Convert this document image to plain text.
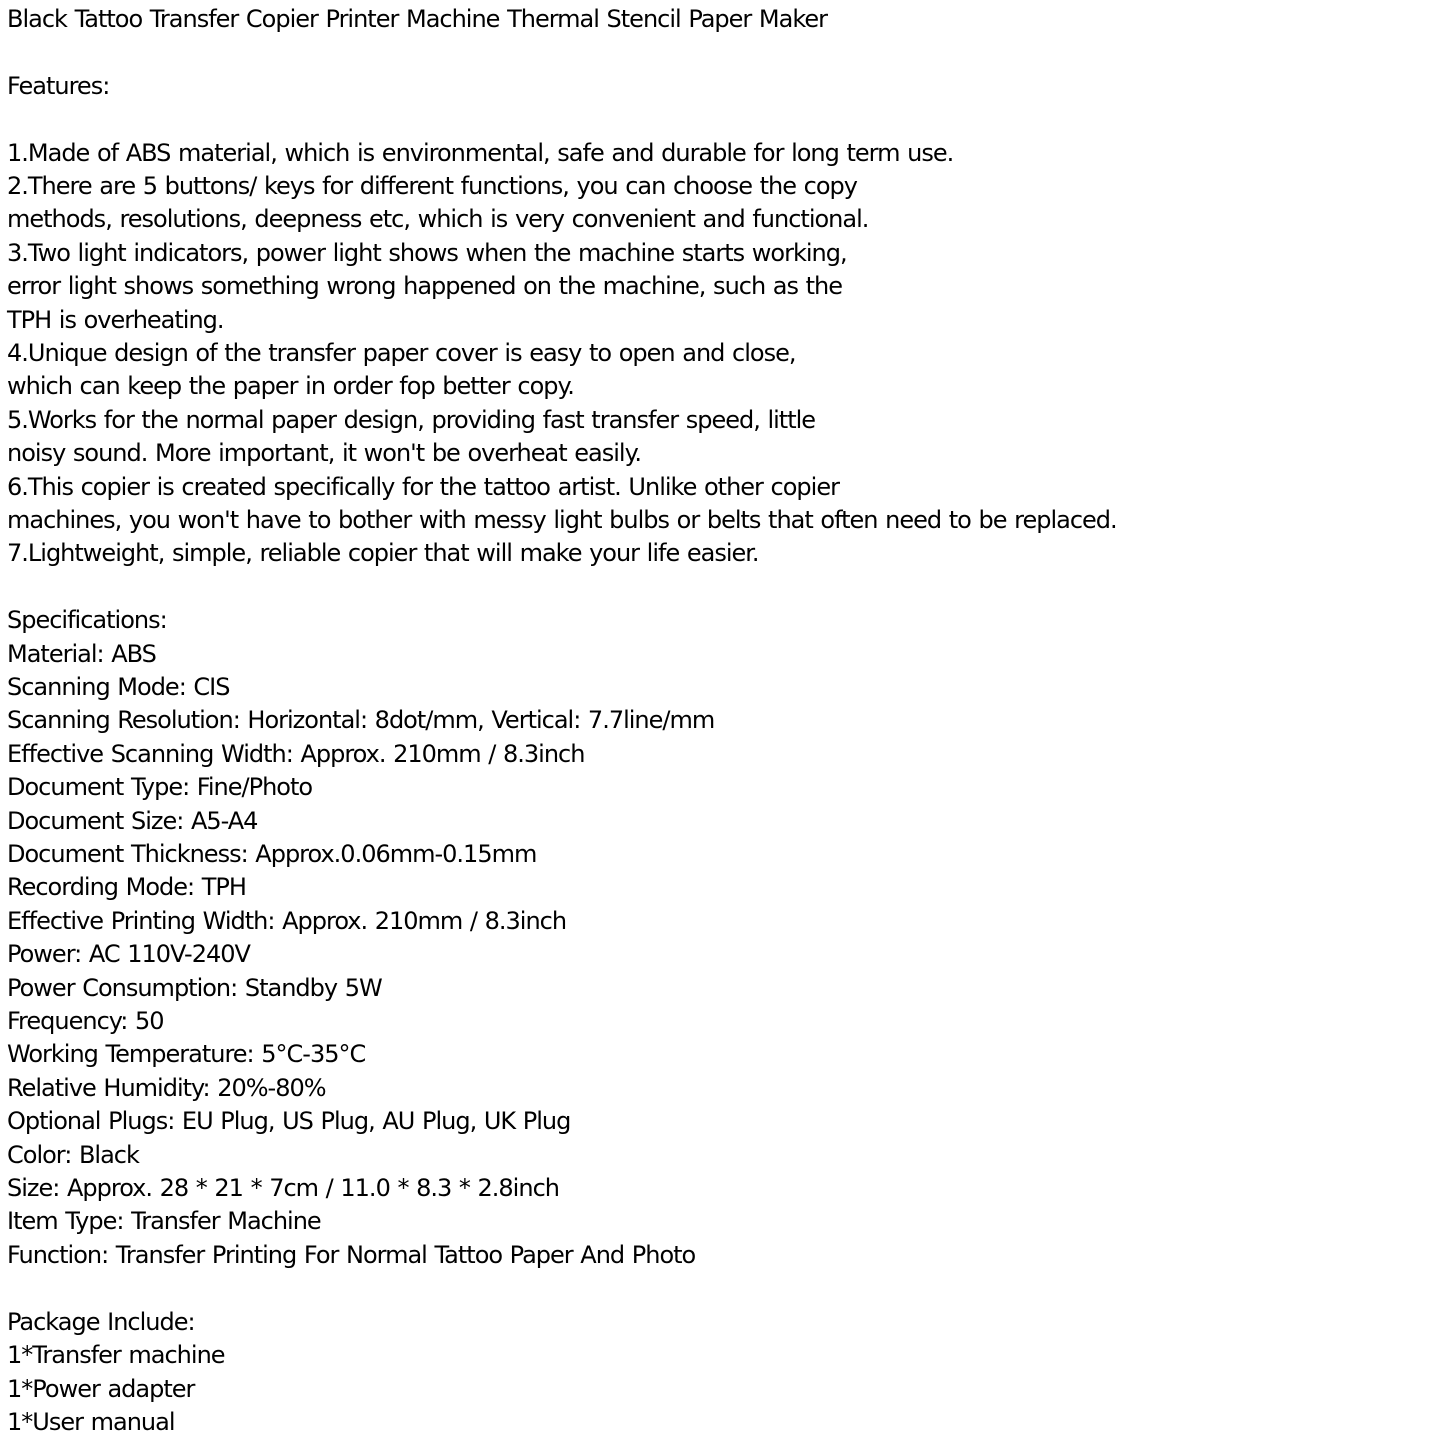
Black Tattoo Transfer Copier Printer Machine Thermal Stencil Paper Maker

Features:

1.Made of ABS material, which is environmental, safe and durable for long term use.

2.There are 5 buttons/ keys for different functions, you can choose the copy

methods, resolutions, deepness etc, which is very convenient and functional.

3.Two light indicators, power light shows when the machine starts working,

error light shows something wrong happened on the machine, such as the

TPH is overheating.

4.Unique design of the transfer paper cover is easy to open and close,

which can keep the paper in order fop better copy.

5.Works for the normal paper design, providing fast transfer speed, little

noisy sound. More important, it won't be overheat easily.

6.This copier is created specifically for the tattoo artist. Unlike other copier

machines, you won't have to bother with messy light bulbs or belts that often need to be replaced.

7.Lightweight, simple, reliable copier that will make your life easier.

Specifications:

Material: ABS

Scanning Mode: CIS

Scanning Resolution: Horizontal: 8dot/mm, Vertical: 7.7line/mm

Effective Scanning Width: Approx. 210mm / 8.3inch

Document Type: Fine/Photo

Document Size: A5-A4

Document Thickness: Approx.0.06mm-0.15mm

Recording Mode: TPH

Effective Printing Width: Approx. 210mm / 8.3inch

Power: AC 110V-240V

Power Consumption: Standby 5W

Frequency: 50

Working Temperature: 5°C-35°C

Relative Humidity: 20%-80%

Optional Plugs: EU Plug, US Plug, AU Plug, UK Plug

Color: Black

Size: Approx. 28 * 21 * 7cm / 11.0 * 8.3 * 2.8inch

Item Type: Transfer Machine

Function: Transfer Printing For Normal Tattoo Paper And Photo

Package Include:

1*Transfer machine

1*Power adapter

1*User manual
